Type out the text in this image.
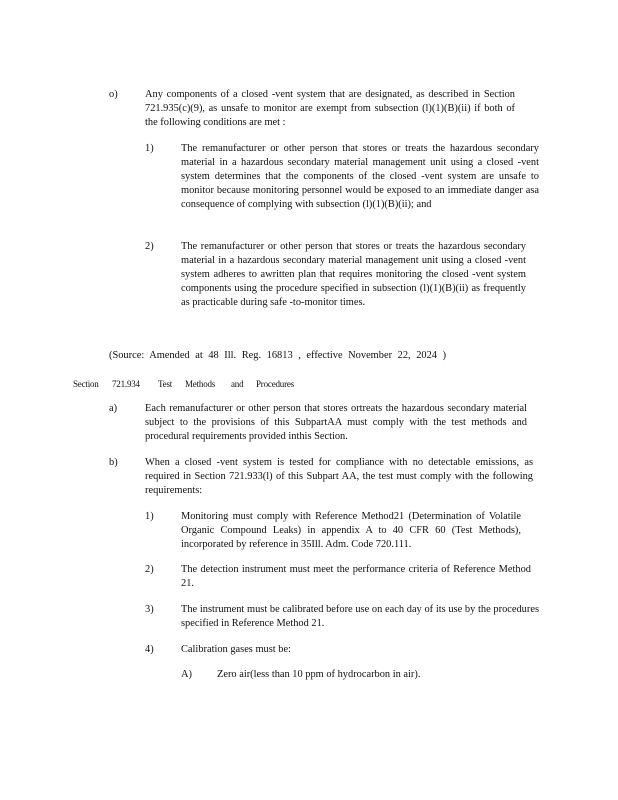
o)	Any components of a closed -vent system that are designated, as described in Section 721.935(c)(9), as unsafe to monitor are exempt from subsection (l)(1)(B)(ii) if both of the following conditions are met :
1)	The remanufacturer or other person that stores or treats the hazardous secondary material in a hazardous secondary material management unit using a closed -vent system determines that the components of the closed -vent system are unsafe to monitor because monitoring personnel would be exposed to an immediate danger asa consequence of complying with subsection (l)(1)(B)(ii); and
2)	The remanufacturer or other person that stores or treats the hazardous secondary material in a hazardous secondary material management unit using a closed -vent system adheres to awritten plan that requires monitoring the closed -vent system components using the procedure specified in subsection (l)(1)(B)(ii) as frequently as practicable during safe -to-monitor times.
(Source: Amended at 48 Ill. Reg. 16813 , effective November 22, 2024 )
Section 721.934 Test Methods and Procedures
a)	Each remanufacturer or other person that stores ortreats the hazardous secondary material subject to the provisions of this SubpartAA must comply with the test methods and procedural requirements provided inthis Section.
b)	When a closed -vent system is tested for compliance with no detectable emissions, as required in Section 721.933(l) of this Subpart AA, the test must comply with the following requirements:
1)	Monitoring must comply with Reference Method21 (Determination of Volatile Organic Compound Leaks) in appendix A to 40 CFR 60 (Test Methods), incorporated by reference in 35Ill. Adm. Code 720.111.
2)	The detection instrument must meet the performance criteria of Reference Method 21.
3)	The instrument must be calibrated before use on each day of its use by the procedures specified in Reference Method 21.
4)	Calibration gases must be:
A) Zero air(less than 10 ppm of hydrocarbon in air).
